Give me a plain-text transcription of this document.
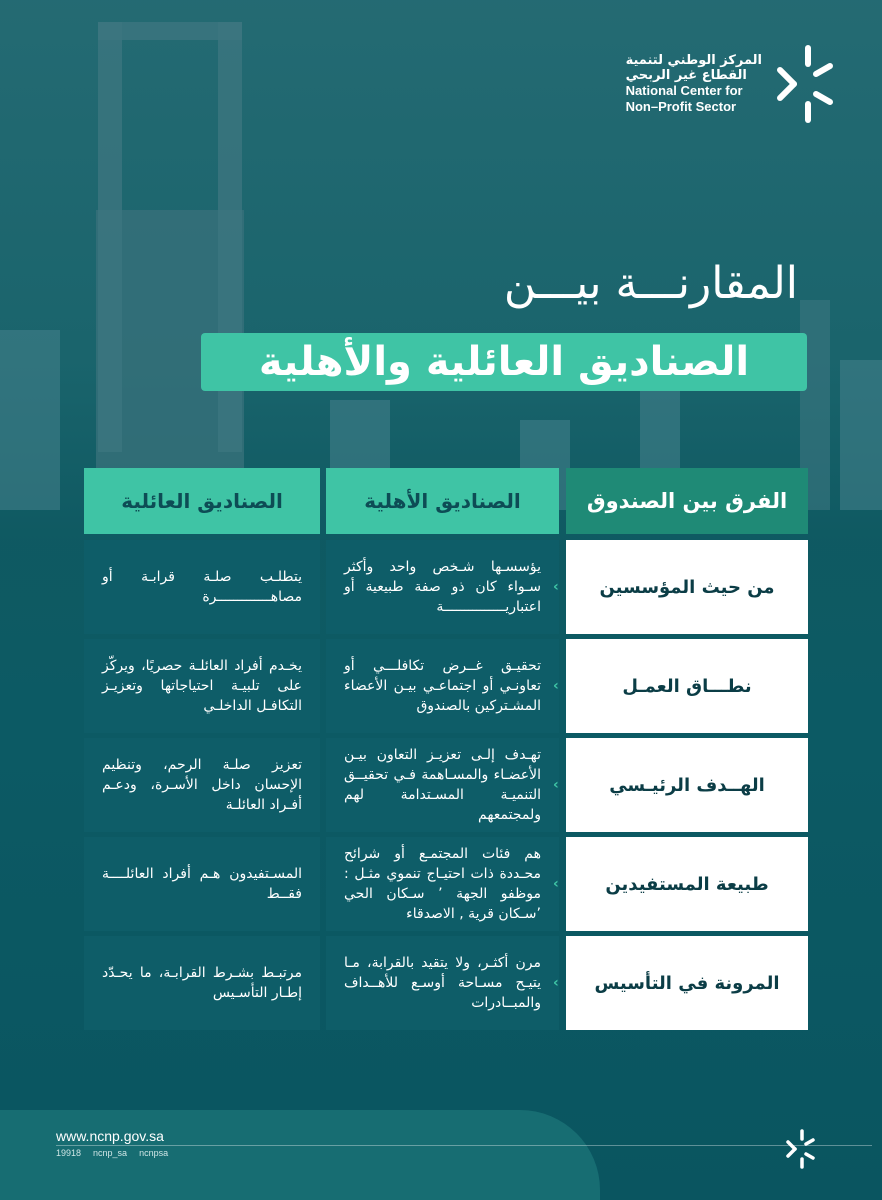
المركز الوطني لتنمية
القطاع غير الربحي
National Center for
Non–Profit Sector
المقارنـــة بيـــن
الصناديق العائلية والأهلية
الفرق بين الصندوق
الصناديق الأهلية
الصناديق العائلية
من حيث المؤسسين
يؤسسـها شـخص واحد وأكثر سـواء كان ذو صفة طبيعية أو اعتباريـــــــــــــــة
يتطلـب صلـة قرابـة أو مصاهـــــــــــــرة
‹
نطـــاق العمـل
تحقيـق غــرض تكافلـــي أو تعاونـي أو اجتماعـي بيـن الأعضاء المشـتركين بالصندوق
يخـدم أفراد العائلـة حصريًا، ويركّز على تلبيـة احتياجاتها وتعزيـز التكافـل الداخلـي
‹
الهــدف الرئيـسي
تهـدف إلـى تعزيـز التعاون بيـن الأعضـاء والمسـاهمة فـي تحقيــق التنميـة المسـتدامة لهم ولمجتمعهم
تعزيز صلـة الرحم، وتنظيم الإحسان داخل الأسـرة، ودعـم أفـراد العائلـة
‹
طبيعة المستفيدين
هم فئات المجتمـع أو شرائح محـددة ذات احتيـاج تنموي مثـل : موظفو الجهة ’ سـكان الحي ’سـكان قرية , الاصدقاء
المسـتفيدون هـم أفراد العائلــــة فقــط
‹
المرونة في التأسيس
مرن أكثـر، ولا يتقيد بالقرابة، مـا يتيـح مسـاحة أوسـع للأهــداف والمبــادرات
مرتبـط بشـرط القرابـة، ما يحـدّد إطـار التأسـيس
‹
www.ncnp.gov.sa
19918 ncnp_sa ncnpsa
